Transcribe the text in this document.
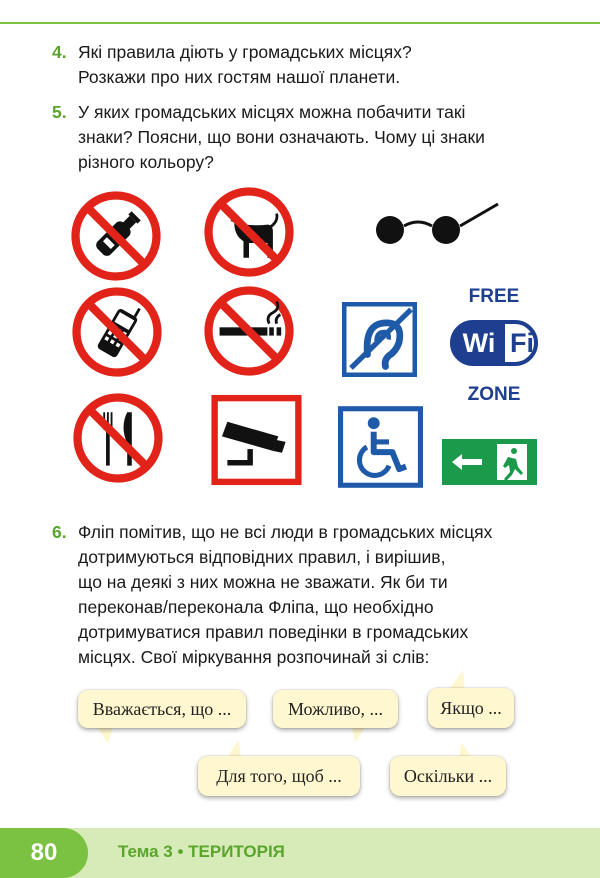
4. Які правила діють у громадських місцях?
Розкажи про них гостям нашої планети.
5. У яких громадських місцях можна побачити такі
знаки? Поясни, що вони означають. Чому ці знаки
різного кольору?
FREE
Wi Fi
ZONE
6. Фліп помітив, що не всі люди в громадських місцях
дотримуються відповідних правил, і вирішив,
що на деякі з них можна не зважати. Як би ти
переконав/переконала Фліпа, що необхідно
дотримуватися правил поведінки в громадських
місцях. Свої міркування розпочинай зі слів:
Вважається, що ...	Можливо, ...	Якщо ...
Для того, щоб ...	Оскільки ...
80	Тема 3 • ТЕРИТОРІЯ
